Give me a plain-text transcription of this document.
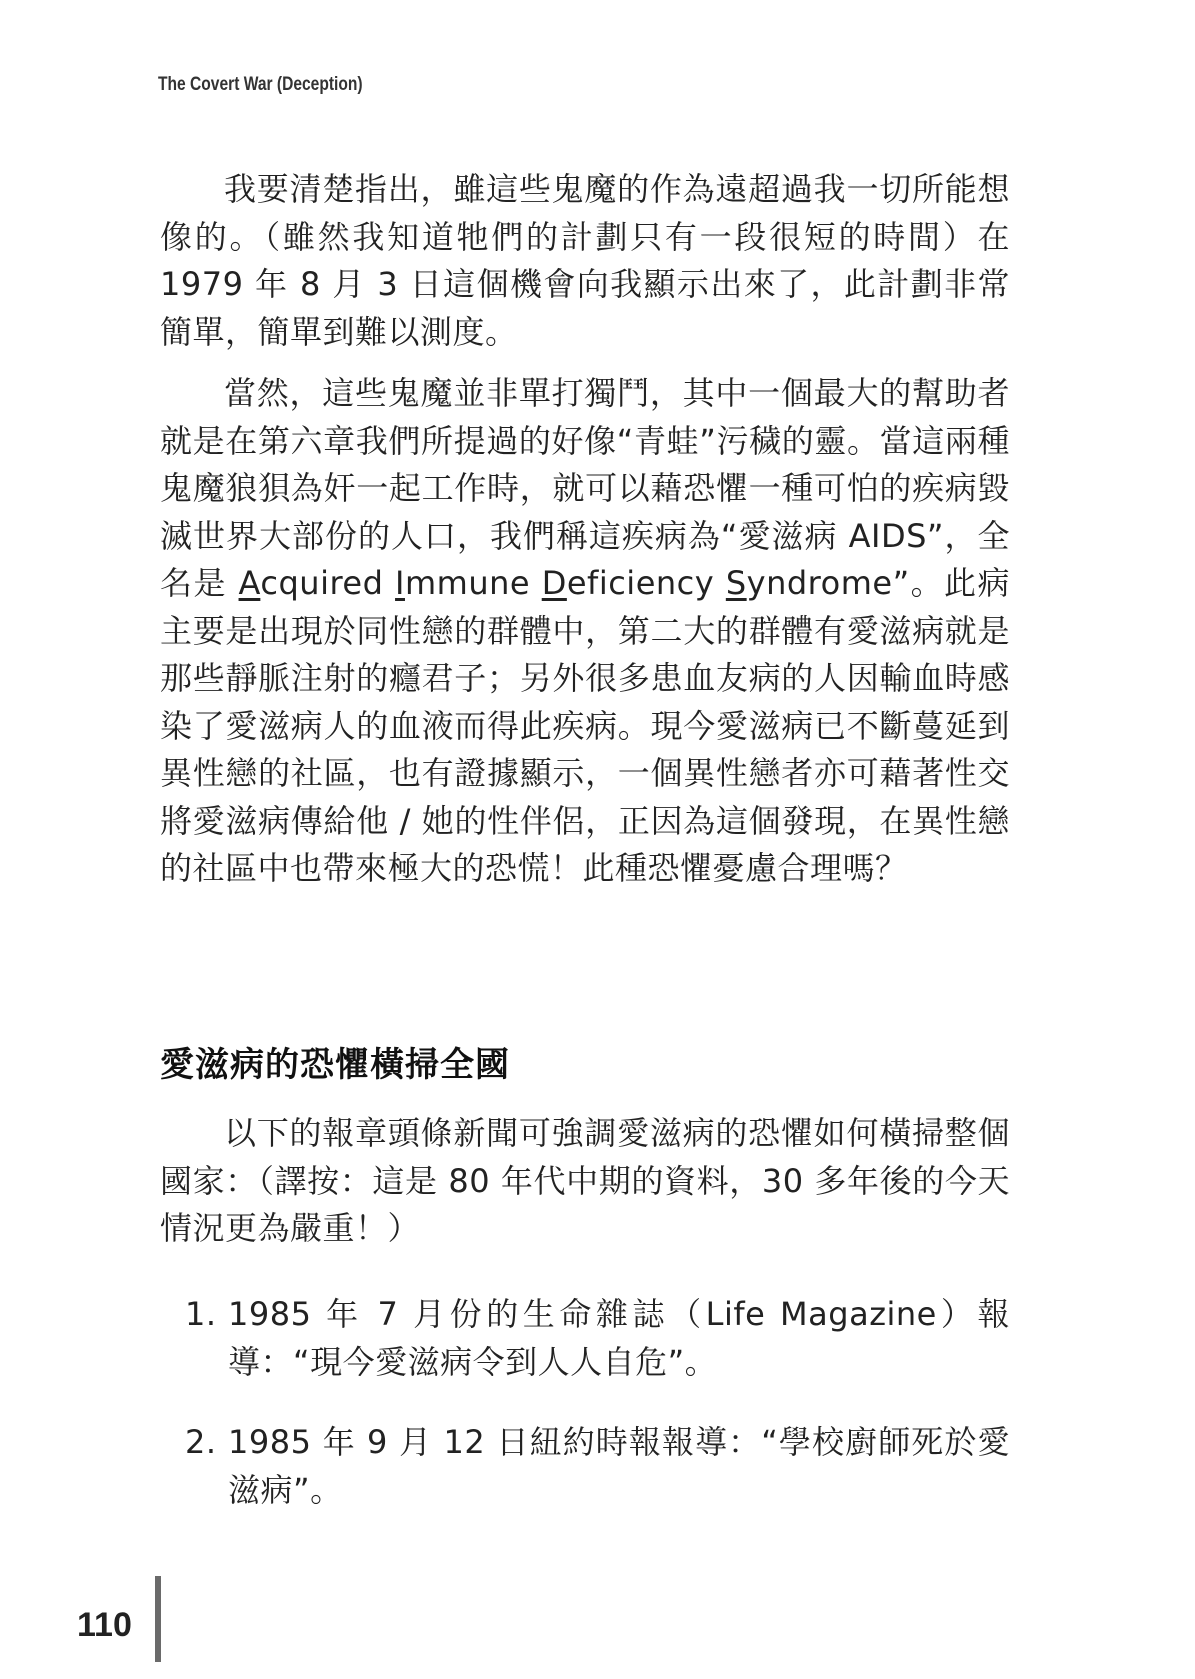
The Covert War (Deception)

我要清楚指出，雖這些鬼魔的作為遠超過我一切所能想像的。（雖然我知道牠們的計劃只有一段很短的時間）在 1979 年 8 月 3 日這個機會向我顯示出來了，此計劃非常簡單，簡單到難以測度。

當然，這些鬼魔並非單打獨鬥，其中一個最大的幫助者就是在第六章我們所提過的好像“青蛙”污穢的靈。當這兩種鬼魔狼狽為奸一起工作時，就可以藉恐懼一種可怕的疾病毀滅世界大部份的人口，我們稱這疾病為“愛滋病 AIDS”，全名是 Acquired Immune Deficiency Syndrome”。此病主要是出現於同性戀的群體中，第二大的群體有愛滋病就是那些靜脈注射的癮君子；另外很多患血友病的人因輸血時感染了愛滋病人的血液而得此疾病。現今愛滋病已不斷蔓延到異性戀的社區，也有證據顯示，一個異性戀者亦可藉著性交將愛滋病傳給他 / 她的性伴侶，正因為這個發現，在異性戀的社區中也帶來極大的恐慌！此種恐懼憂慮合理嗎？

愛滋病的恐懼橫掃全國

以下的報章頭條新聞可強調愛滋病的恐懼如何橫掃整個國家：（譯按：這是 80 年代中期的資料，30 多年後的今天情況更為嚴重！）

1. 1985 年 7 月份的生命雜誌（Life Magazine）報導：“現今愛滋病令到人人自危”。
2. 1985 年 9 月 12 日紐約時報報導：“學校廚師死於愛滋病”。
110
